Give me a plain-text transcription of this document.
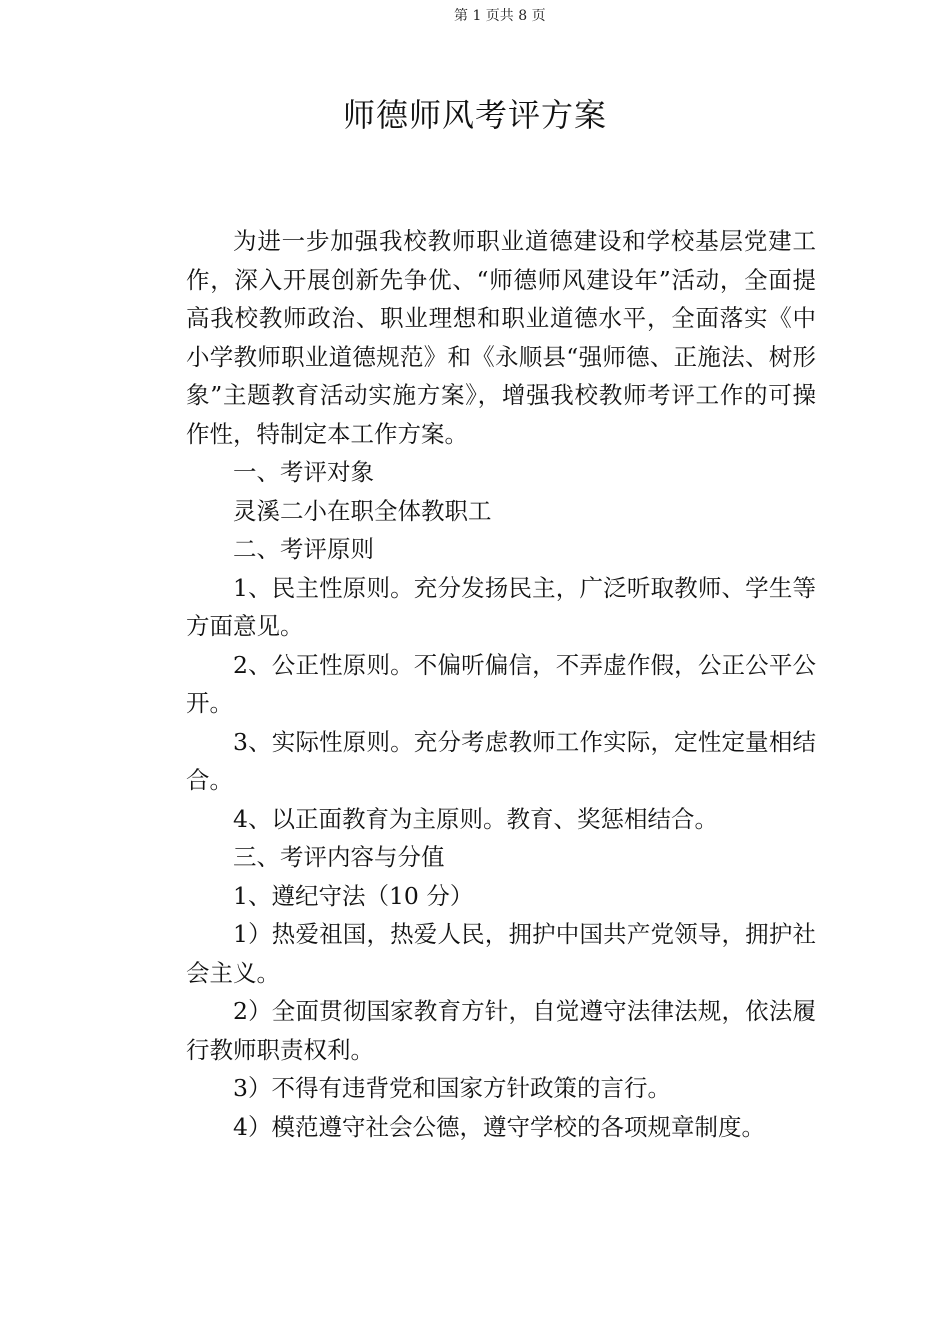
第 1 页共 8 页
师德师风考评方案

为进一步加强我校教师职业道德建设和学校基层党建工作，深入开展创新先争优、“师德师风建设年”活动，全面提高我校教师政治、职业理想和职业道德水平，全面落实《中小学教师职业道德规范》和《永顺县“强师德、正施法、树形象”主题教育活动实施方案》，增强我校教师考评工作的可操作性，特制定本工作方案。

一、考评对象

灵溪二小在职全体教职工

二、考评原则

1、民主性原则。充分发扬民主，广泛听取教师、学生等方面意见。

2、公正性原则。不偏听偏信，不弄虚作假，公正公平公开。

3、实际性原则。充分考虑教师工作实际，定性定量相结合。

4、以正面教育为主原则。教育、奖惩相结合。

三、考评内容与分值

1、遵纪守法（10 分）

1）热爱祖国，热爱人民，拥护中国共产党领导，拥护社会主义。

2）全面贯彻国家教育方针，自觉遵守法律法规，依法履行教师职责权利。

3）不得有违背党和国家方针政策的言行。

4）模范遵守社会公德，遵守学校的各项规章制度。
